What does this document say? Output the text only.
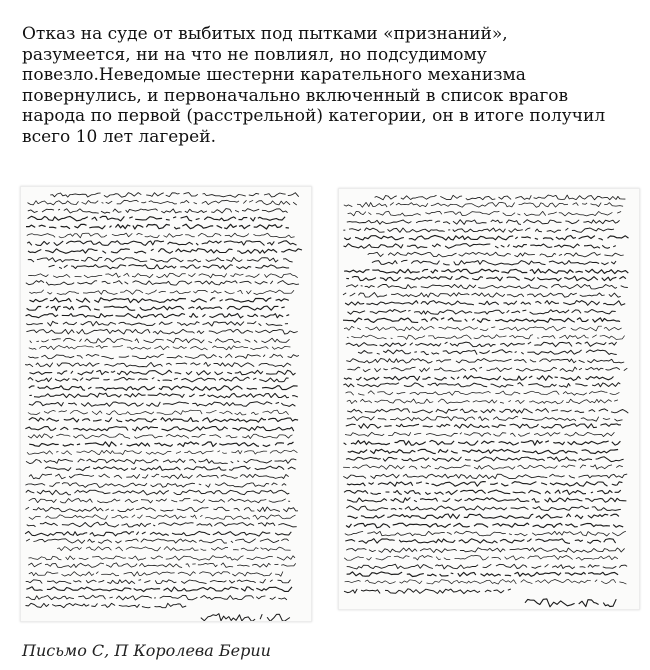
Отказ на суде от выбитых под пытками «признаний»,
разумеется, ни на что не повлиял, но подсудимому
повезло.Неведомые шестерни карательного механизма
повернулись, и первоначально включенный в список врагов
народа по первой (расстрельной) категории, он в итоге получил
всего 10 лет лагерей.
Письмо С, П Королева Берии
